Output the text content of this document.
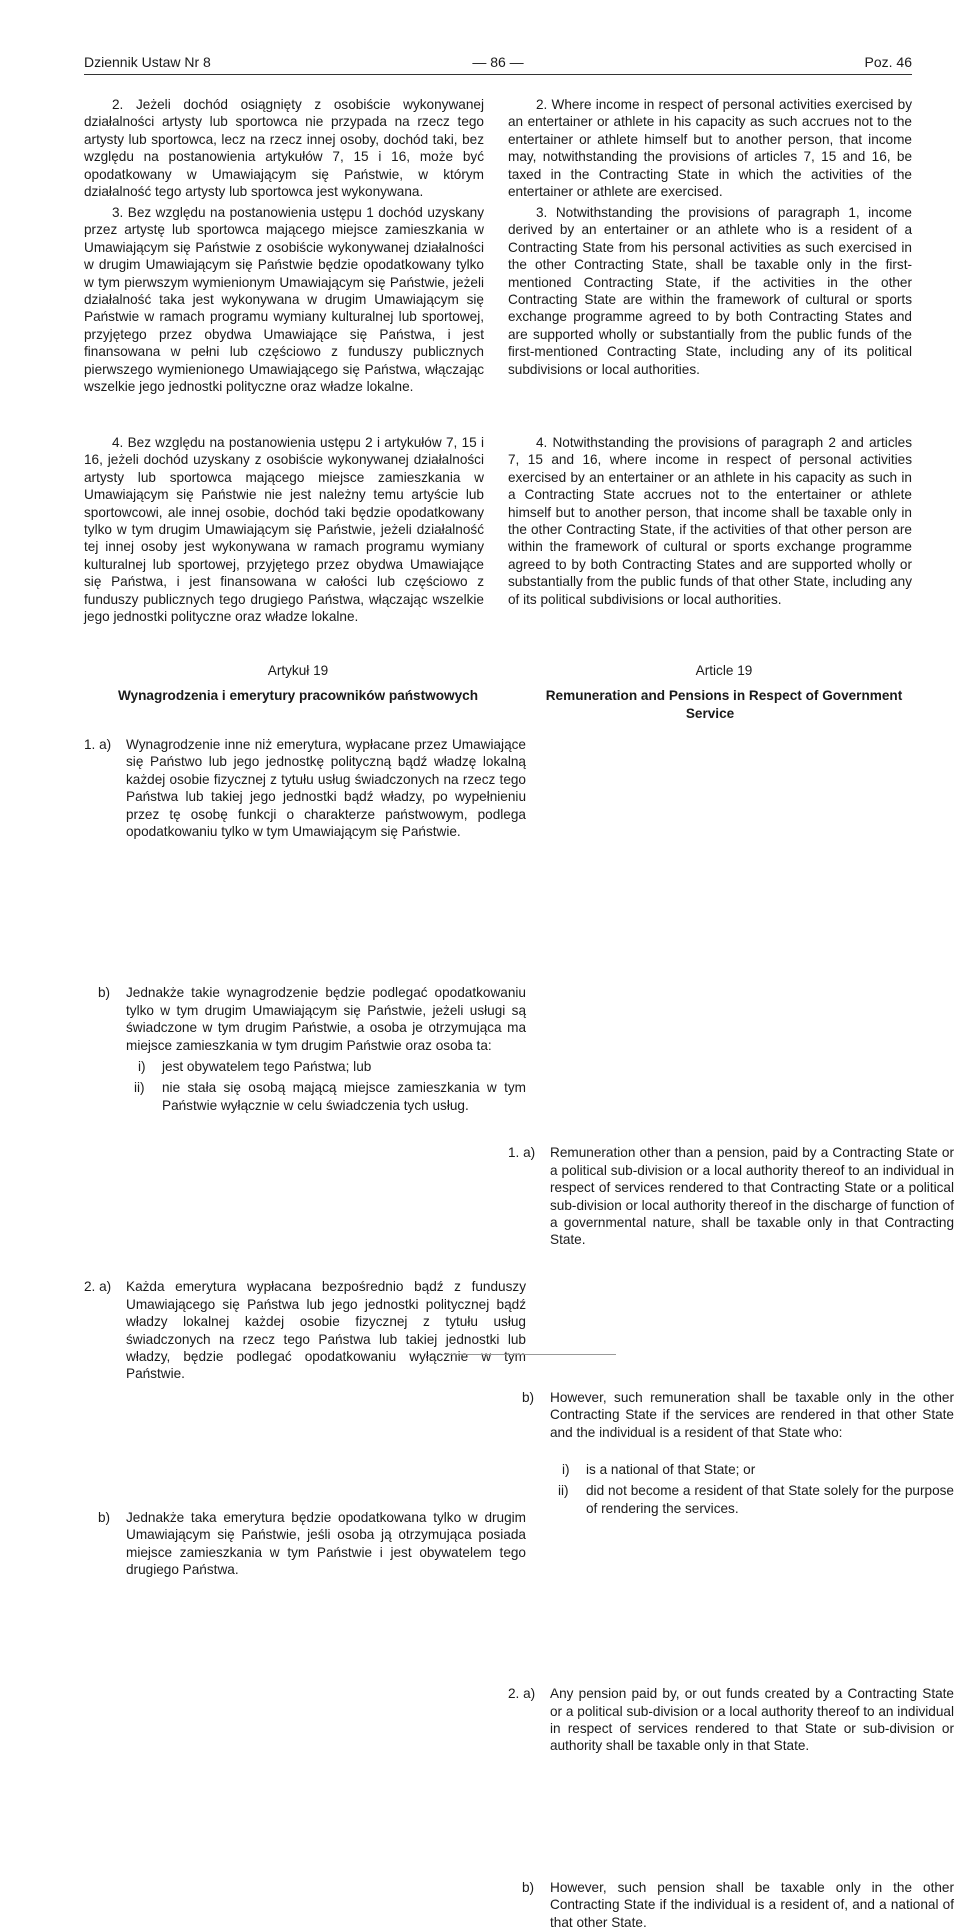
Dziennik Ustaw Nr 8	— 86 —	Poz. 46

2. Jeżeli dochód osiągnięty z osobiście wykonywanej działalności artysty lub sportowca nie przypada na rzecz tego artysty lub sportowca, lecz na rzecz innej osoby, dochód taki, bez względu na postanowienia artykułów 7, 15 i 16, może być opodatkowany w Umawiającym się Państwie, w którym działalność tego artysty lub sportowca jest wykonywana.

3. Bez względu na postanowienia ustępu 1 dochód uzyskany przez artystę lub sportowca mającego miejsce zamieszkania w Umawiającym się Państwie z osobiście wykonywanej działalności w drugim Umawiającym się Państwie będzie opodatkowany tylko w tym pierwszym wymienionym Umawiającym się Państwie, jeżeli działalność taka jest wykonywana w drugim Umawiającym się Państwie w ramach programu wymiany kulturalnej lub sportowej, przyjętego przez obydwa Umawiające się Państwa, i jest finansowana w pełni lub częściowo z funduszy publicznych pierwszego wymienionego Umawiającego się Państwa, włączając wszelkie jego jednostki polityczne oraz władze lokalne.

4. Bez względu na postanowienia ustępu 2 i artykułów 7, 15 i 16, jeżeli dochód uzyskany z osobiście wykonywanej działalności artysty lub sportowca mającego miejsce zamieszkania w Umawiającym się Państwie nie jest należny temu artyście lub sportowcowi, ale innej osobie, dochód taki będzie opodatkowany tylko w tym drugim Umawiającym się Państwie, jeżeli działalność tej innej osoby jest wykonywana w ramach programu wymiany kulturalnej lub sportowej, przyjętego przez obydwa Umawiające się Państwa, i jest finansowana w całości lub częściowo z funduszy publicznych tego drugiego Państwa, włączając wszelkie jego jednostki polityczne oraz władze lokalne.

2. Where income in respect of personal activities exercised by an entertainer or athlete in his capacity as such accrues not to the entertainer or athlete himself but to another person, that income may, notwithstanding the provisions of articles 7, 15 and 16, be taxed in the Contracting State in which the activities of the entertainer or athlete are exercised.

3. Notwithstanding the provisions of paragraph 1, income derived by an entertainer or an athlete who is a resident of a Contracting State from his personal activities as such exercised in the other Contracting State, shall be taxable only in the first-mentioned Contracting State, if the activities in the other Contracting State are within the framework of cultural or sports exchange programme agreed to by both Contracting States and are supported wholly or substantially from the public funds of the first-mentioned Contracting State, including any of its political subdivisions or local authorities.

4. Notwithstanding the provisions of paragraph 2 and articles 7, 15 and 16, where income in respect of personal activities exercised by an entertainer or an athlete in his capacity as such in a Contracting State accrues not to the entertainer or athlete himself but to another person, that income shall be taxable only in the other Contracting State, if the activities of that other person are within the framework of cultural or sports exchange programme agreed to by both Contracting States and are supported wholly or substantially from the public funds of that other State, including any of its political subdivisions or local authorities.

Artykuł 19

Wynagrodzenia i emerytury pracowników państwowych

Article 19

Remuneration and Pensions in Respect of Government Service

1. a) Wynagrodzenie inne niż emerytura, wypłacane przez Umawiające się Państwo lub jego jednostkę polityczną bądź władzę lokalną każdej osobie fizycznej z tytułu usług świadczonych na rzecz tego Państwa lub takiej jego jednostki bądź władzy, po wypełnieniu przez tę osobę funkcji o charakterze państwowym, podlega opodatkowaniu tylko w tym Umawiającym się Państwie.

b) Jednakże takie wynagrodzenie będzie podlegać opodatkowaniu tylko w tym drugim Umawiającym się Państwie, jeżeli usługi są świadczone w tym drugim Państwie, a osoba je otrzymująca ma miejsce zamieszkania w tym drugim Państwie oraz osoba ta:

i) jest obywatelem tego Państwa; lub

ii) nie stała się osobą mającą miejsce zamieszkania w tym Państwie wyłącznie w celu świadczenia tych usług.

2. a) Każda emerytura wypłacana bezpośrednio bądź z funduszy Umawiającego się Państwa lub jego jednostki politycznej bądź władzy lokalnej każdej osobie fizycznej z tytułu usług świadczonych na rzecz tego Państwa lub takiej jednostki lub władzy, będzie podlegać opodatkowaniu wyłącznie w tym Państwie.

b) Jednakże taka emerytura będzie opodatkowana tylko w drugim Umawiającym się Państwie, jeśli osoba ją otrzymująca posiada miejsce zamieszkania w tym Państwie i jest obywatelem tego drugiego Państwa.

1. a) Remuneration other than a pension, paid by a Contracting State or a political sub-division or a local authority thereof to an individual in respect of services rendered to that Contracting State or a political sub-division or local authority thereof in the discharge of function of a governmental nature, shall be taxable only in that Contracting State.

b) However, such remuneration shall be taxable only in the other Contracting State if the services are rendered in that other State and the individual is a resident of that State who:

i) is a national of that State; or

ii) did not become a resident of that State solely for the purpose of rendering the services.

2. a) Any pension paid by, or out funds created by a Contracting State or a political sub-division or a local authority thereof to an individual in respect of services rendered to that State or sub-division or authority shall be taxable only in that State.

b) However, such pension shall be taxable only in the other Contracting State if the individual is a resident of, and a national of that other State.
